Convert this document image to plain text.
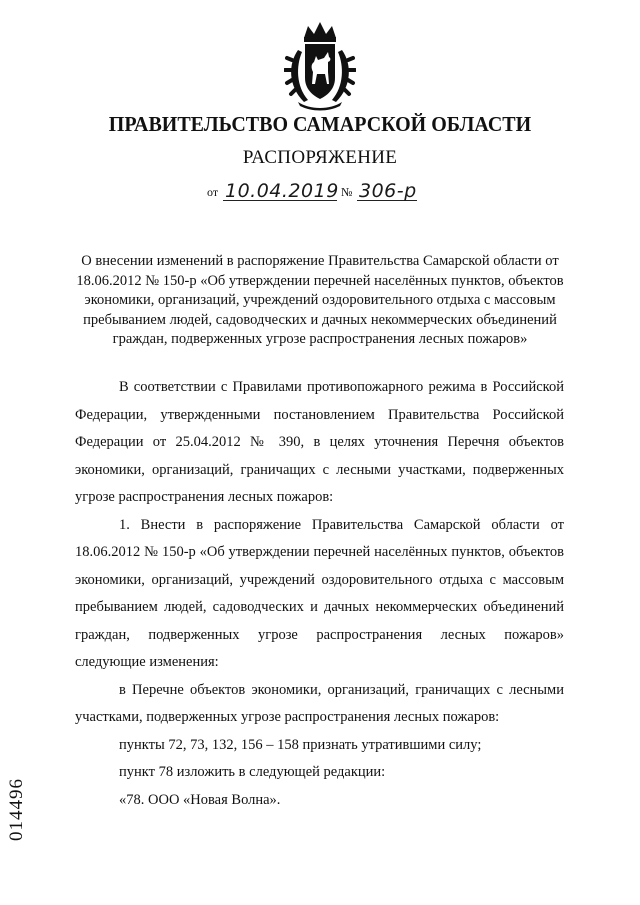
ПРАВИТЕЛЬСТВО САМАРСКОЙ ОБЛАСТИ
РАСПОРЯЖЕНИЕ
от 10.04.2019 № 306-р
О внесении изменений в распоряжение Правительства Самарской области от 18.06.2012 № 150-р «Об утверждении перечней населённых пунктов, объектов экономики, организаций, учреждений оздоровительного отдыха с массовым пребыванием людей, садоводческих и дачных некоммерческих объединений граждан, подверженных угрозе распространения лесных пожаров»

В соответствии с Правилами противопожарного режима в Российской Федерации, утвержденными постановлением Правительства Российской Федерации от 25.04.2012 № 390, в целях уточнения Перечня объектов экономики, организаций, граничащих с лесными участками, подверженных угрозе распространения лесных пожаров:

1. Внести в распоряжение Правительства Самарской области от 18.06.2012 № 150-р «Об утверждении перечней населённых пунктов, объектов экономики, организаций, учреждений оздоровительного отдыха с массовым пребыванием людей, садоводческих и дачных некоммерческих объединений граждан, подверженных угрозе распространения лесных пожаров» следующие изменения:

в Перечне объектов экономики, организаций, граничащих с лесными участками, подверженных угрозе распространения лесных пожаров:

пункты 72, 73, 132, 156 – 158 признать утратившими силу;

пункт 78 изложить в следующей редакции:

«78. ООО «Новая Волна».

014496
